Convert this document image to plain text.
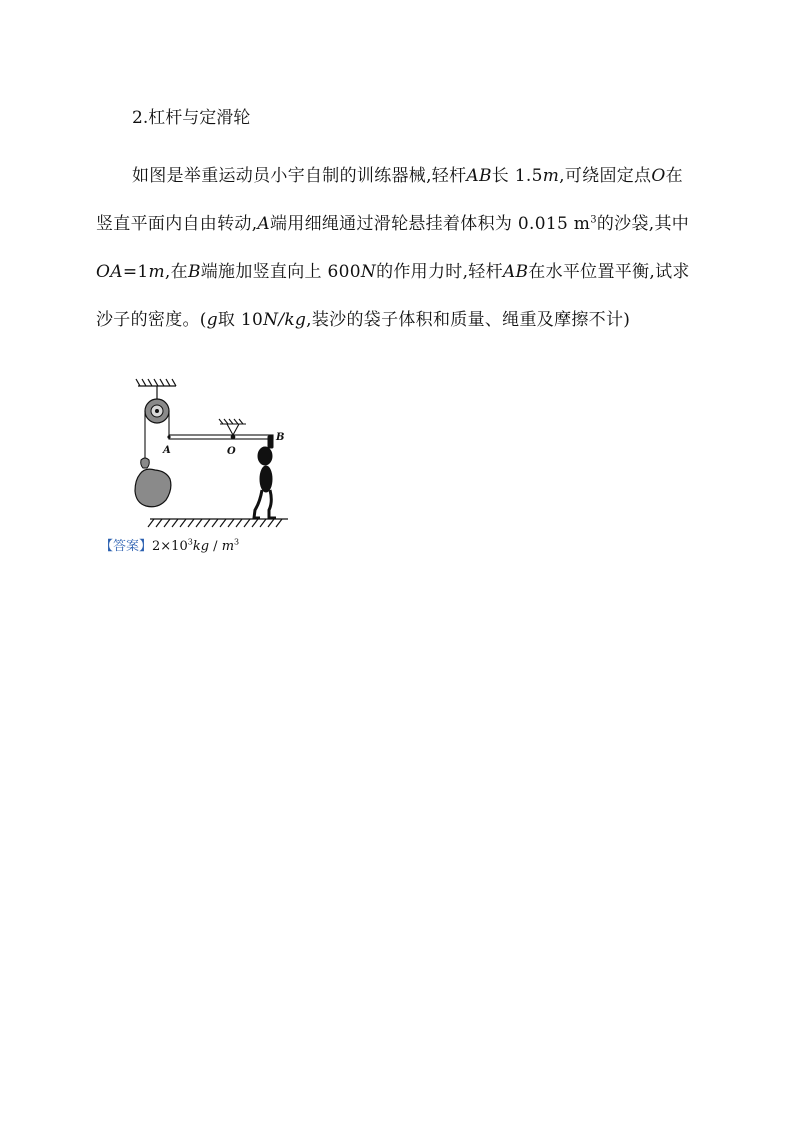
2.杠杆与定滑轮
如图是举重运动员小宇自制的训练器械,轻杆AB长 1.5m,可绕固定点O在竖直平面内自由转动,A端用细绳通过滑轮悬挂着体积为 0.015 $m^3$的沙袋,其中OA=1m,在B端施加竖直向上 600N的作用力时,轻杆AB在水平位置平衡,试求沙子的密度。(g取 10N/kg,装沙的袋子体积和质量、绳重及摩擦不计)
A	O
B
【答案】$2\times 10^3kg / m^3$
